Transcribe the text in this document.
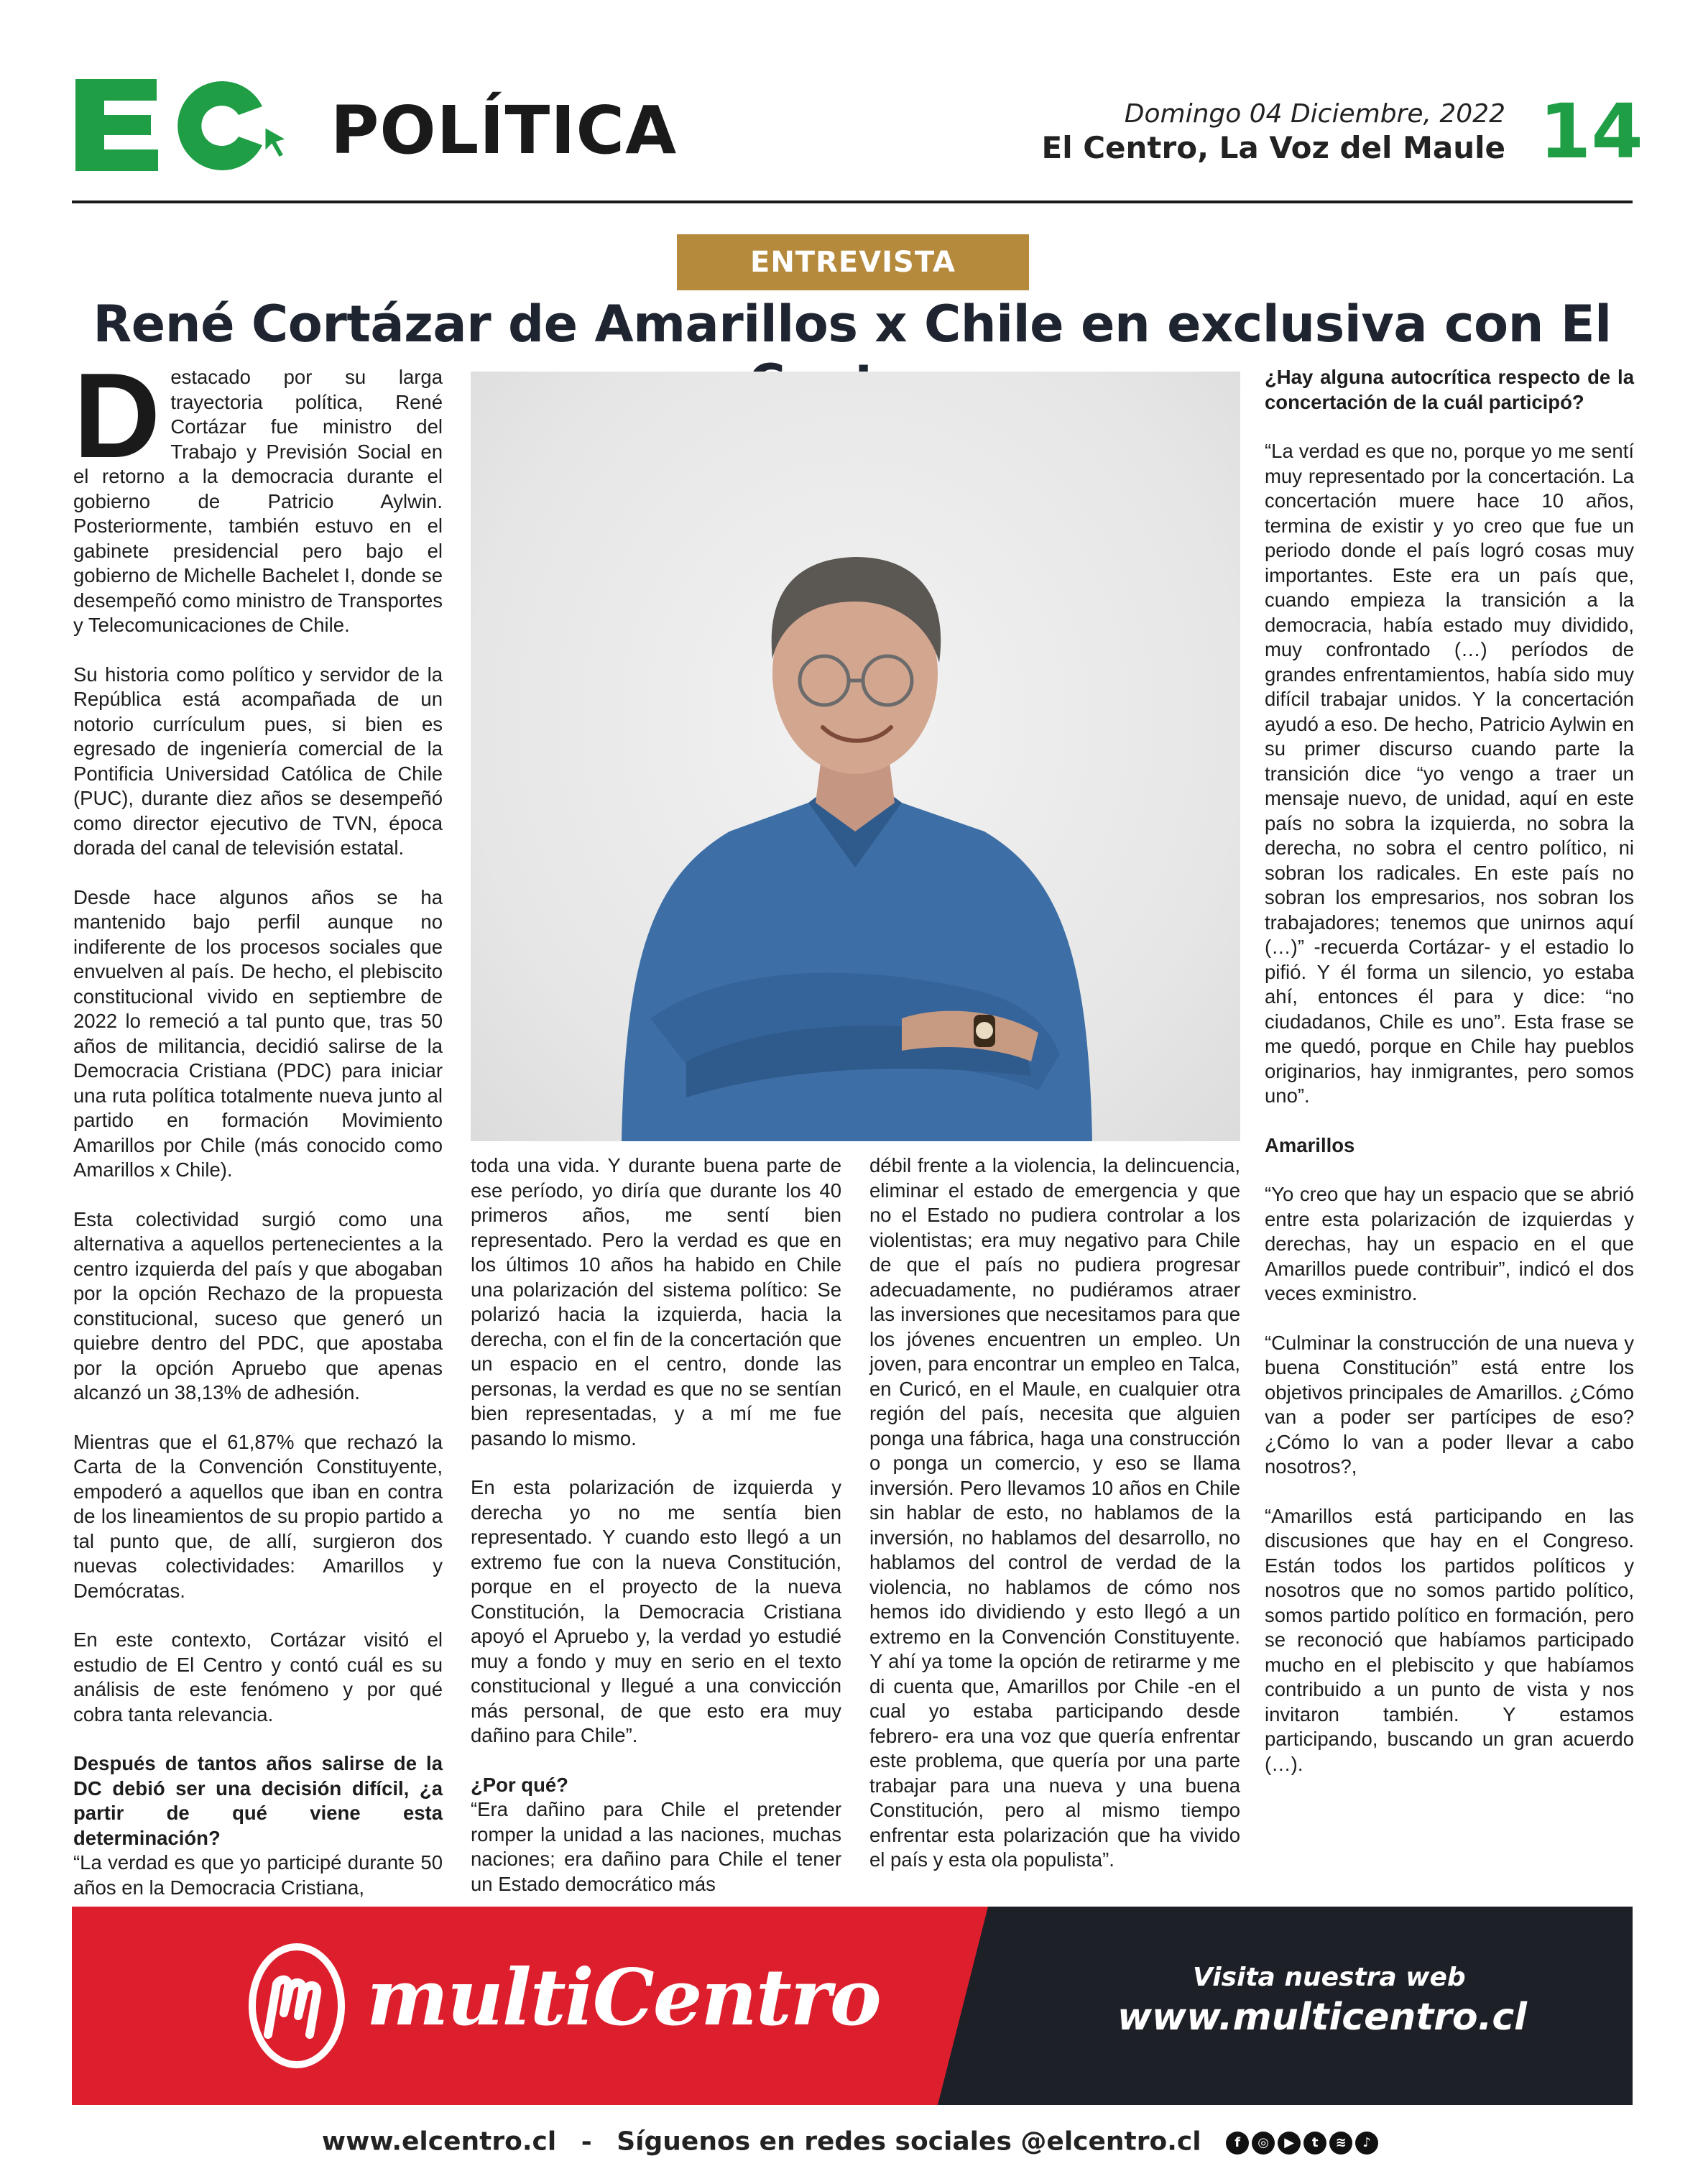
POLÍTICA	Domingo 04 Diciembre, 2022
El Centro, La Voz del Maule 14
ENTREVISTA
René Cortázar de Amarillos x Chile en exclusiva con El

Destacado por su larga trayectoria política, René Cortázar fue ministro del Trabajo y Previsión Social en el retorno a la democracia durante el gobierno de Patricio Aylwin. Posteriormente, también estuvo en el gabinete presidencial pero bajo el gobierno de Michelle Bachelet I, donde se desempeñó como ministro de Transportes y Telecomunicaciones de Chile.

Su historia como político y servidor de la República está acompañada de un notorio currículum pues, si bien es egresado de ingeniería comercial de la Pontificia Universidad Católica de Chile (PUC), durante diez años se desempeñó como director ejecutivo de TVN, época dorada del canal de televisión estatal.

Desde hace algunos años se ha mantenido bajo perfil aunque no indiferente de los procesos sociales que envuelven al país. De hecho, el plebiscito constitucional vivido en septiembre de 2022 lo remeció a tal punto que, tras 50 años de militancia, decidió salirse de la Democracia Cristiana (PDC) para iniciar una ruta política totalmente nueva junto al partido en formación Movimiento Amarillos por Chile (más conocido como Amarillos x Chile).

Esta colectividad surgió como una alternativa a aquellos pertenecientes a la centro izquierda del país y que abogaban por la opción Rechazo de la propuesta constitucional, suceso que generó un quiebre dentro del PDC, que apostaba por la opción Apruebo que apenas alcanzó un 38,13% de adhesión.

Mientras que el 61,87% que rechazó la Carta de la Convención Constituyente, empoderó a aquellos que iban en contra de los lineamientos de su propio partido a tal punto que, de allí, surgieron dos nuevas colectividades: Amarillos y Demócratas.

En este contexto, Cortázar visitó el estudio de El Centro y contó cuál es su análisis de este fenómeno y por qué cobra tanta relevancia.

Después de tantos años salirse de la DC debió ser una decisión difícil, ¿a partir de qué viene esta determinación?

“La verdad es que yo participé durante 50 años en la Democracia Cristiana,

toda una vida. Y durante buena parte de ese período, yo diría que durante los 40 primeros años, me sentí bien representado. Pero la verdad es que en los últimos 10 años ha habido en Chile una polarización del sistema político: Se polarizó hacia la izquierda, hacia la derecha, con el fin de la concertación que un espacio en el centro, donde las personas, la verdad es que no se sentían bien representadas, y a mí me fue pasando lo mismo.

En esta polarización de izquierda y derecha yo no me sentía bien representado. Y cuando esto llegó a un extremo fue con la nueva Constitución, porque en el proyecto de la nueva Constitución, la Democracia Cristiana apoyó el Apruebo y, la verdad yo estudié muy a fondo y muy en serio en el texto constitucional y llegué a una convicción más personal, de que esto era muy dañino para Chile”.

¿Por qué?

“Era dañino para Chile el pretender romper la unidad a las naciones, muchas naciones; era dañino para Chile el tener un Estado democrático más

débil frente a la violencia, la delincuencia, eliminar el estado de emergencia y que no el Estado no pudiera controlar a los violentistas; era muy negativo para Chile de que el país no pudiera progresar adecuadamente, no pudiéramos atraer las inversiones que necesitamos para que los jóvenes encuentren un empleo. Un joven, para encontrar un empleo en Talca, en Curicó, en el Maule, en cualquier otra región del país, necesita que alguien ponga una fábrica, haga una construcción o ponga un comercio, y eso se llama inversión. Pero llevamos 10 años en Chile sin hablar de esto, no hablamos de la inversión, no hablamos del desarrollo, no hablamos del control de verdad de la violencia, no hablamos de cómo nos hemos ido dividiendo y esto llegó a un extremo en la Convención Constituyente. Y ahí ya tome la opción de retirarme y me di cuenta que, Amarillos por Chile -en el cual yo estaba participando desde febrero- era una voz que quería enfrentar este problema, que quería por una parte trabajar para una nueva y una buena Constitución, pero al mismo tiempo enfrentar esta polarización que ha vivido el país y esta ola populista”.

¿Hay alguna autocrítica respecto de la concertación de la cuál participó?

“La verdad es que no, porque yo me sentí muy representado por la concertación. La concertación muere hace 10 años, termina de existir y yo creo que fue un periodo donde el país logró cosas muy importantes. Este era un país que, cuando empieza la transición a la democracia, había estado muy dividido, muy confrontado (…) períodos de grandes enfrentamientos, había sido muy difícil trabajar unidos. Y la concertación ayudó a eso. De hecho, Patricio Aylwin en su primer discurso cuando parte la transición dice “yo vengo a traer un mensaje nuevo, de unidad, aquí en este país no sobra la izquierda, no sobra la derecha, no sobra el centro político, ni sobran los radicales. En este país no sobran los empresarios, nos sobran los trabajadores; tenemos que unirnos aquí (…)” -recuerda Cortázar- y el estadio lo pifió. Y él forma un silencio, yo estaba ahí, entonces él para y dice: “no ciudadanos, Chile es uno”. Esta frase se me quedó, porque en Chile hay pueblos originarios, hay inmigrantes, pero somos uno”.

Amarillos

“Yo creo que hay un espacio que se abrió entre esta polarización de izquierdas y derechas, hay un espacio en el que Amarillos puede contribuir”, indicó el dos veces exministro.

“Culminar la construcción de una nueva y buena Constitución” está entre los objetivos principales de Amarillos. ¿Cómo van a poder ser partícipes de eso? ¿Cómo lo van a poder llevar a cabo nosotros?,

“Amarillos está participando en las discusiones que hay en el Congreso. Están todos los partidos políticos y nosotros que no somos partido político, somos partido político en formación, pero se reconoció que habíamos participado mucho en el plebiscito y que habíamos contribuido a un punto de vista y nos invitaron también. Y estamos participando, buscando un gran acuerdo (…).

multiCentro	Visita nuestra web
www.multicentro.cl
www.elcentro.cl - Síguenos en redes sociales @elcentro.cl	f ◎ ▶ t ≋ ♪
